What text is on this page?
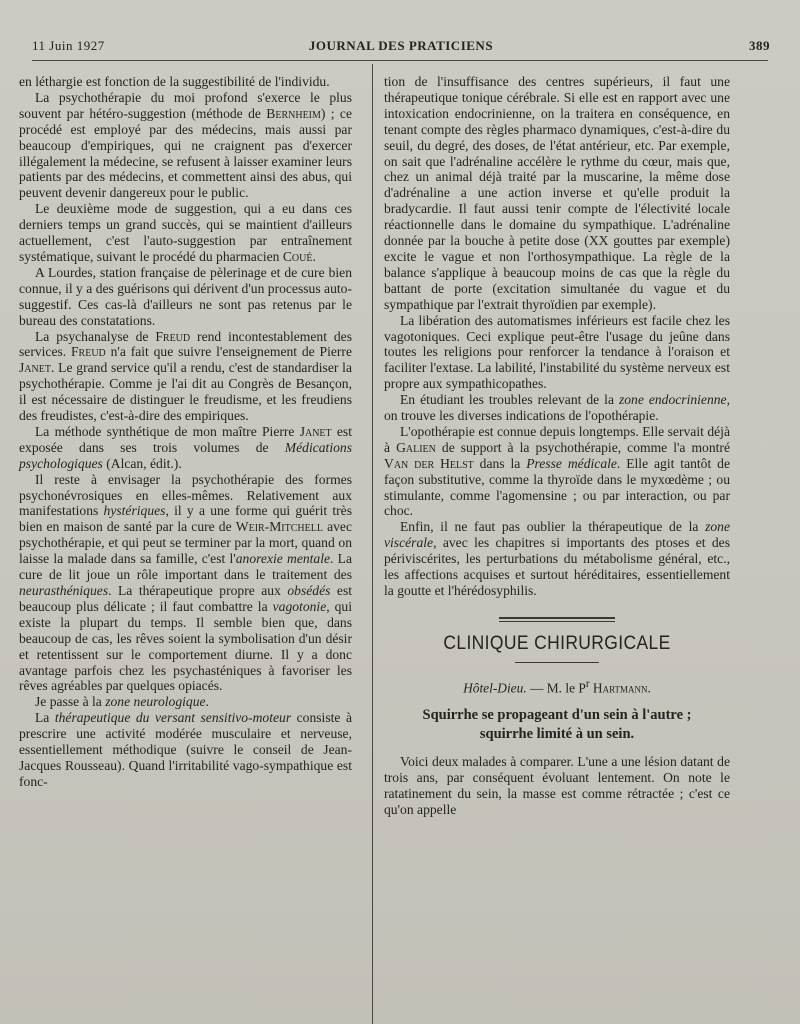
11 Juin 1927	JOURNAL DES PRATICIENS	389

en léthargie est fonction de la suggestibilité de l'individu.

La psychothérapie du moi profond s'exerce le plus souvent par hétéro-suggestion (méthode de Bernheim) ; ce procédé est employé par des médecins, mais aussi par beaucoup d'empiriques, qui ne craignent pas d'exercer illégalement la médecine, se refusent à laisser examiner leurs patients par des médecins, et commettent ainsi des abus, qui peuvent devenir dangereux pour le public.

Le deuxième mode de suggestion, qui a eu dans ces derniers temps un grand succès, qui se maintient d'ailleurs actuellement, c'est l'auto-suggestion par entraînement systématique, suivant le procédé du pharmacien Coué.

A Lourdes, station française de pèlerinage et de cure bien connue, il y a des guérisons qui dérivent d'un processus auto-suggestif. Ces cas-là d'ailleurs ne sont pas retenus par le bureau des constatations.

La psychanalyse de Freud rend incontestablement des services. Freud n'a fait que suivre l'enseignement de Pierre Janet. Le grand service qu'il a rendu, c'est de standardiser la psychothérapie. Comme je l'ai dit au Congrès de Besançon, il est nécessaire de distinguer le freudisme, et les freudiens des freudistes, c'est-à-dire des empiriques.

La méthode synthétique de mon maître Pierre Janet est exposée dans ses trois volumes de Médications psychologiques (Alcan, édit.).

Il reste à envisager la psychothérapie des formes psychonévrosiques en elles-mêmes. Relativement aux manifestations hystériques, il y a une forme qui guérit très bien en maison de santé par la cure de Weir-Mitchell avec psychothérapie, et qui peut se terminer par la mort, quand on laisse la malade dans sa famille, c'est l'anorexie mentale. La cure de lit joue un rôle important dans le traitement des neurasthéniques. La thérapeutique propre aux obsédés est beaucoup plus délicate ; il faut combattre la vagotonie, qui existe la plupart du temps. Il semble bien que, dans beaucoup de cas, les rêves soient la symbolisation d'un désir et retentissent sur le comportement diurne. Il y a donc avantage parfois chez les psychasténiques à favoriser les rêves agréables par quelques opiacés.

Je passe à la zone neurologique.

La thérapeutique du versant sensitivo-moteur consiste à prescrire une activité modérée musculaire et nerveuse, essentiellement méthodique (suivre le conseil de Jean-Jacques Rousseau). Quand l'irritabilité vago-sympathique est fonc-

tion de l'insuffisance des centres supérieurs, il faut une thérapeutique tonique cérébrale. Si elle est en rapport avec une intoxication endocrinienne, on la traitera en conséquence, en tenant compte des règles pharmaco dynamiques, c'est-à-dire du seuil, du degré, des doses, de l'état antérieur, etc. Par exemple, on sait que l'adrénaline accélère le rythme du cœur, mais que, chez un animal déjà traité par la muscarine, la même dose d'adrénaline a une action inverse et qu'elle produit la bradycardie. Il faut aussi tenir compte de l'électivité locale réactionnelle dans le domaine du sympathique. L'adrénaline donnée par la bouche à petite dose (XX gouttes par exemple) excite le vague et non l'orthosympathique. La règle de la balance s'applique à beaucoup moins de cas que la règle du battant de porte (excitation simultanée du vague et du sympathique par l'extrait thyroïdien par exemple).

La libération des automatismes inférieurs est facile chez les vagotoniques. Ceci explique peut-être l'usage du jeûne dans toutes les religions pour renforcer la tendance à l'oraison et faciliter l'extase. La labilité, l'instabilité du système nerveux est propre aux sympathicopathes.

En étudiant les troubles relevant de la zone endocrinienne, on trouve les diverses indications de l'opothérapie.

L'opothérapie est connue depuis longtemps. Elle servait déjà à Galien de support à la psychothérapie, comme l'a montré Van der Helst dans la Presse médicale. Elle agit tantôt de façon substitutive, comme la thyroïde dans le myxœdème ; ou stimulante, comme l'agomensine ; ou par interaction, ou par choc.

Enfin, il ne faut pas oublier la thérapeutique de la zone viscérale, avec les chapitres si importants des ptoses et des périviscérites, les perturbations du métabolisme général, etc., les affections acquises et surtout héréditaires, essentiellement la goutte et l'hérédosyphilis.

CLINIQUE CHIRURGICALE
Hôtel-Dieu. — M. le $P^r$ Hartmann.
Squirrhe se propageant d'un sein à l'autre ;
squirrhe limité à un sein.

Voici deux malades à comparer. L'une a une lésion datant de trois ans, par conséquent évoluant lentement. On note le ratatinement du sein, la masse est comme rétractée ; c'est ce qu'on appelle
